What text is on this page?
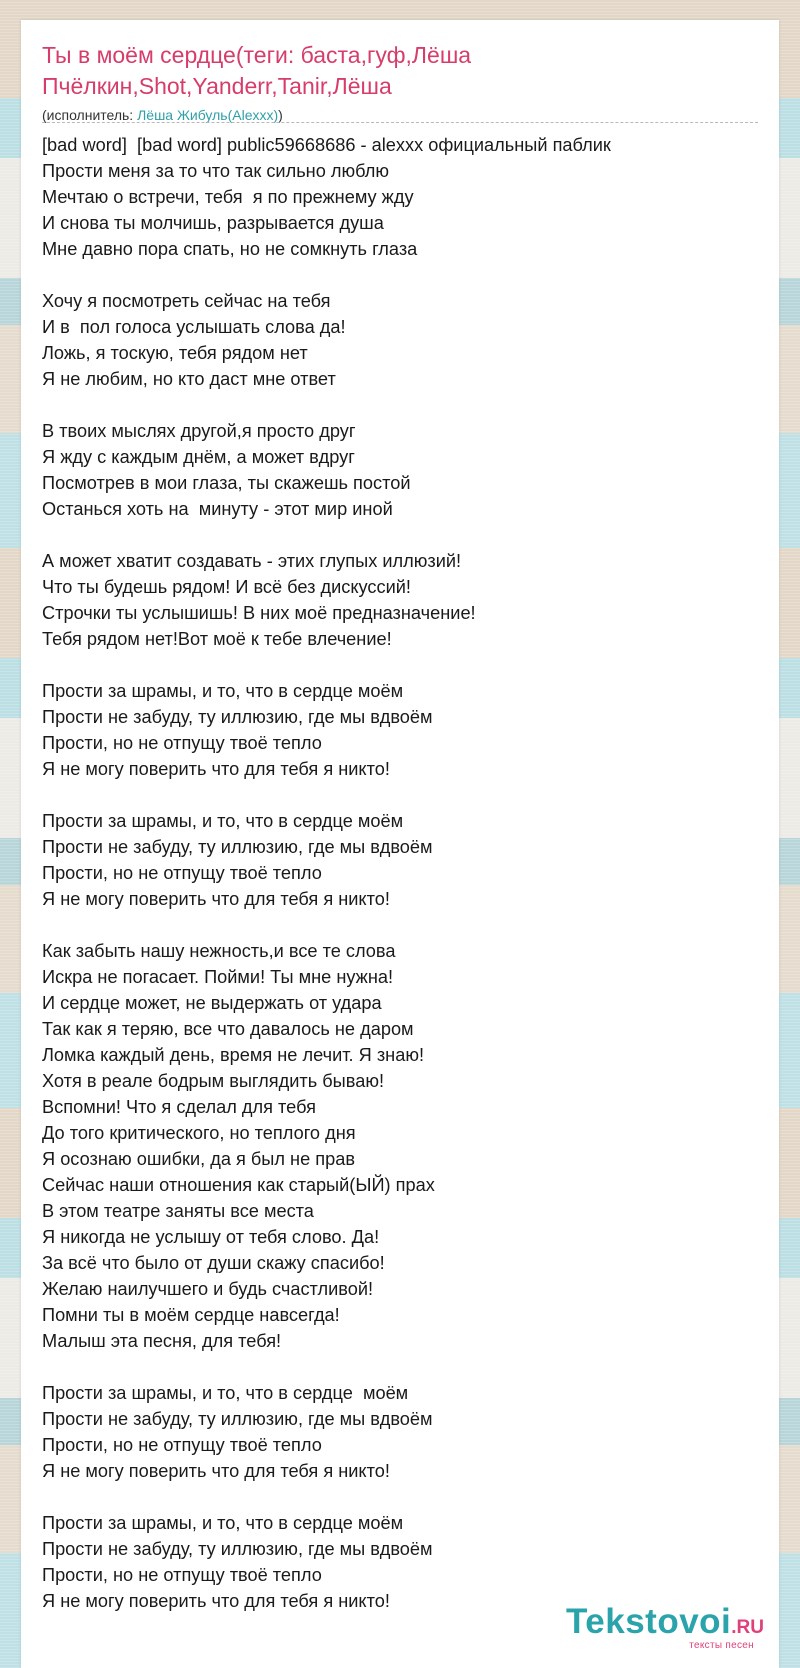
Ты в моём сердце(теги: баста,гуф,Лёша Пчёлкин,Shot,Yanderr,Tanir,Лёша
(исполнитель: Лёша Жибуль(Alexxx))
[bad word]  [bad word] public59668686 - alexxx официальный паблик
Прости меня за то что так сильно люблю
Мечтаю о встречи, тебя  я по прежнему жду
И снова ты молчишь, разрывается душа
Мне давно пора спать, но не сомкнуть глаза
Хочу я посмотреть сейчас на тебя
И в  пол голоса услышать слова да!
Ложь, я тоскую, тебя рядом нет
Я не любим, но кто даст мне ответ
В твоих мыслях другой,я просто друг
Я жду с каждым днём, а может вдруг
Посмотрев в мои глаза, ты скажешь постой
Останься хоть на  минуту - этот мир иной
А может хватит создавать - этих глупых иллюзий!
Что ты будешь рядом! И всё без дискуссий!
Строчки ты услышишь! В них моё предназначение!
Тебя рядом нет!Вот моё к тебе влечение!
Прости за шрамы, и то, что в сердце моём
Прости не забуду, ту иллюзию, где мы вдвоём
Прости, но не отпущу твоё тепло
Я не могу поверить что для тебя я никто!
Прости за шрамы, и то, что в сердце моём
Прости не забуду, ту иллюзию, где мы вдвоём
Прости, но не отпущу твоё тепло
Я не могу поверить что для тебя я никто!
Как забыть нашу нежность,и все те слова
Искра не погасает. Пойми! Ты мне нужна!
И сердце может, не выдержать от удара
Так как я теряю, все что давалось не даром
Ломка каждый день, время не лечит. Я знаю!
Хотя в реале бодрым выглядить бываю!
Вспомни! Что я сделал для тебя
До того критического, но теплого дня
Я осознаю ошибки, да я был не прав
Сейчас наши отношения как старый(ЫЙ) прах
В этом театре заняты все места
Я никогда не услышу от тебя слово. Да!
За всё что было от души скажу спасибо!
Желаю наилучшего и будь счастливой!
Помни ты в моём сердце навсегда!
Малыш эта песня, для тебя!
Прости за шрамы, и то, что в сердце  моём
Прости не забуду, ту иллюзию, где мы вдвоём
Прости, но не отпущу твоё тепло
Я не могу поверить что для тебя я никто!
Прости за шрамы, и то, что в сердце моём
Прости не забуду, ту иллюзию, где мы вдвоём
Прости, но не отпущу твоё тепло
Я не могу поверить что для тебя я никто!
Tekstovoi.RU
тексты песен
